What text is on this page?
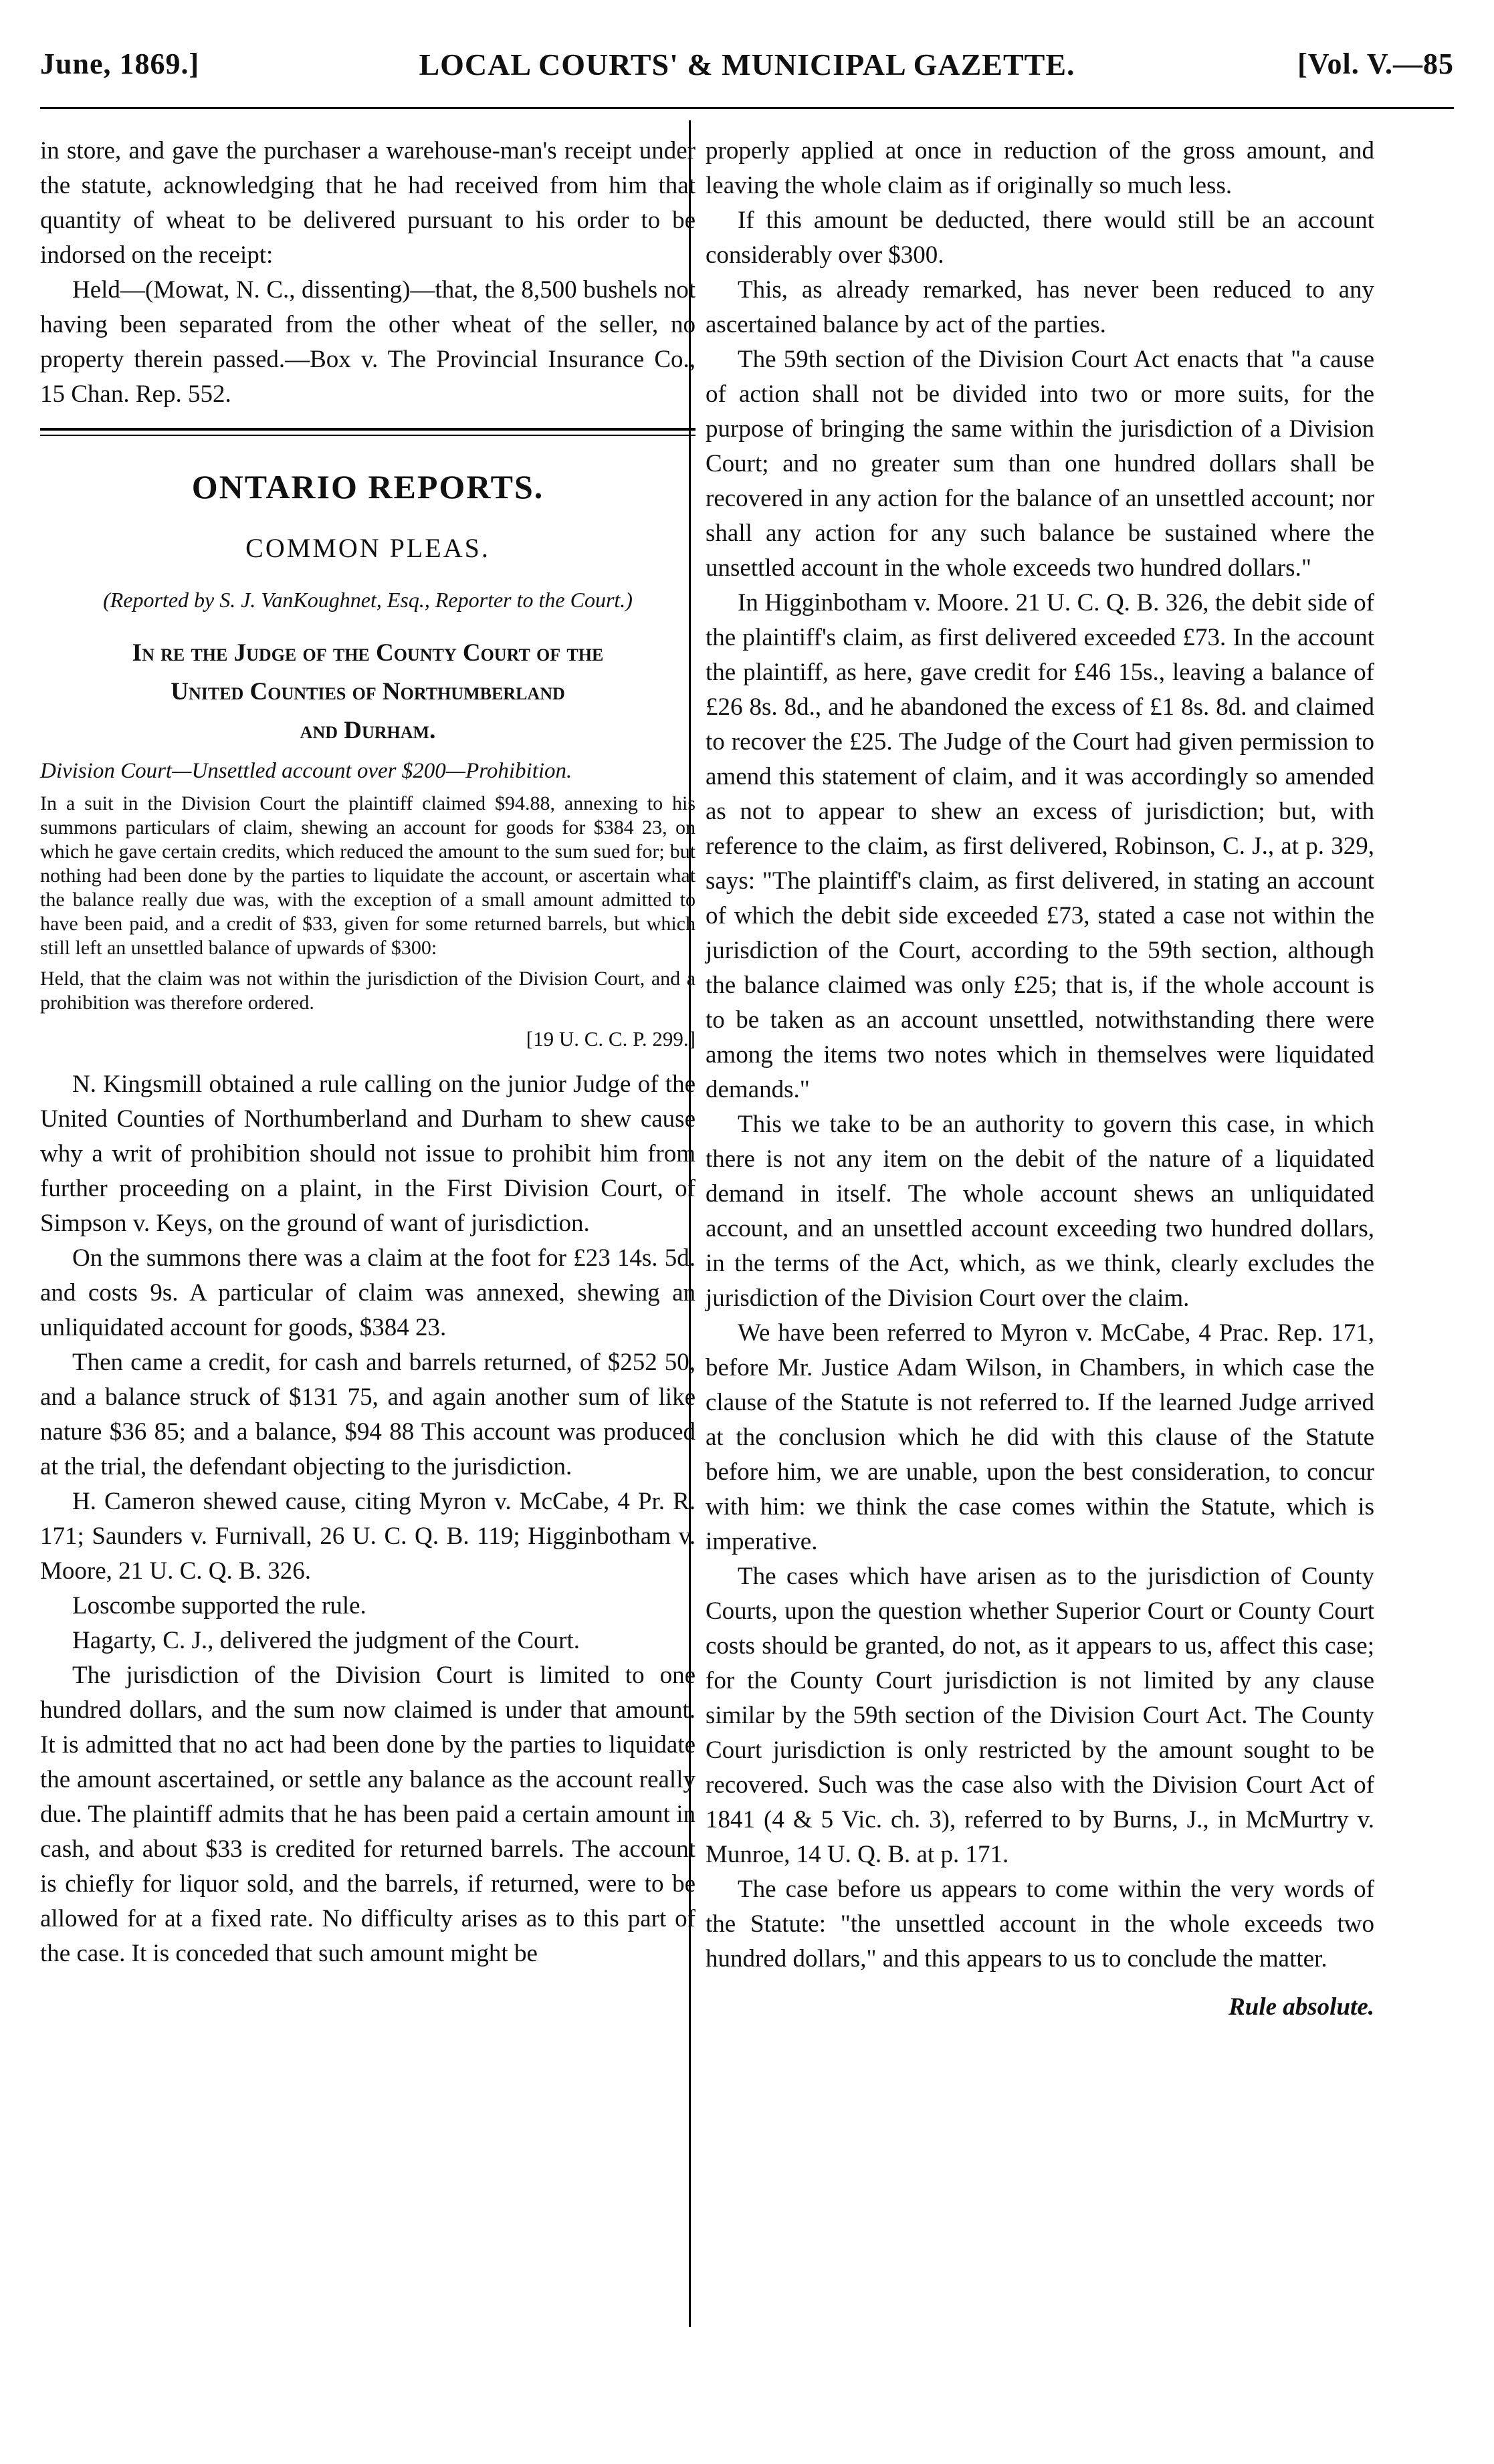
June, 1869.]	LOCAL COURTS' & MUNICIPAL GAZETTE.	[Vol. V.—85

in store, and gave the purchaser a warehouse-man's receipt under the statute, acknowledging that he had received from him that quantity of wheat to be delivered pursuant to his order to be indorsed on the receipt:

Held—(Mowat, N. C., dissenting)—that, the 8,500 bushels not having been separated from the other wheat of the seller, no property therein passed.—Box v. The Provincial Insurance Co., 15 Chan. Rep. 552.

ONTARIO REPORTS.
COMMON PLEAS.
(Reported by S. J. VanKoughnet, Esq., Reporter to the Court.)
In re the Judge of the County Court of the
United Counties of Northumberland
and Durham.

Division Court—Unsettled account over $200—Prohibition.

In a suit in the Division Court the plaintiff claimed $94.88, annexing to his summons particulars of claim, shewing an account for goods for $384 23, on which he gave certain credits, which reduced the amount to the sum sued for; but nothing had been done by the parties to liquidate the account, or ascertain what the balance really due was, with the exception of a small amount admitted to have been paid, and a credit of $33, given for some returned barrels, but which still left an unsettled balance of upwards of $300:

Held, that the claim was not within the jurisdiction of the Division Court, and a prohibition was therefore ordered.

[19 U. C. C. P. 299.]

N. Kingsmill obtained a rule calling on the junior Judge of the United Counties of Northumberland and Durham to shew cause why a writ of prohibition should not issue to prohibit him from further proceeding on a plaint, in the First Division Court, of Simpson v. Keys, on the ground of want of jurisdiction.

On the summons there was a claim at the foot for £23 14s. 5d. and costs 9s. A particular of claim was annexed, shewing an unliquidated account for goods, $384 23.

Then came a credit, for cash and barrels returned, of $252 50, and a balance struck of $131 75, and again another sum of like nature $36 85; and a balance, $94 88 This account was produced at the trial, the defendant objecting to the jurisdiction.

H. Cameron shewed cause, citing Myron v. McCabe, 4 Pr. R. 171; Saunders v. Furnivall, 26 U. C. Q. B. 119; Higginbotham v. Moore, 21 U. C. Q. B. 326.

Loscombe supported the rule.

Hagarty, C. J., delivered the judgment of the Court.

The jurisdiction of the Division Court is limited to one hundred dollars, and the sum now claimed is under that amount. It is admitted that no act had been done by the parties to liquidate the amount ascertained, or settle any balance as the account really due. The plaintiff admits that he has been paid a certain amount in cash, and about $33 is credited for returned barrels. The account is chiefly for liquor sold, and the barrels, if returned, were to be allowed for at a fixed rate. No difficulty arises as to this part of the case. It is conceded that such amount might be

properly applied at once in reduction of the gross amount, and leaving the whole claim as if originally so much less.

If this amount be deducted, there would still be an account considerably over $300.

This, as already remarked, has never been reduced to any ascertained balance by act of the parties.

The 59th section of the Division Court Act enacts that "a cause of action shall not be divided into two or more suits, for the purpose of bringing the same within the jurisdiction of a Division Court; and no greater sum than one hundred dollars shall be recovered in any action for the balance of an unsettled account; nor shall any action for any such balance be sustained where the unsettled account in the whole exceeds two hundred dollars."

In Higginbotham v. Moore. 21 U. C. Q. B. 326, the debit side of the plaintiff's claim, as first delivered exceeded £73. In the account the plaintiff, as here, gave credit for £46 15s., leaving a balance of £26 8s. 8d., and he abandoned the excess of £1 8s. 8d. and claimed to recover the £25. The Judge of the Court had given permission to amend this statement of claim, and it was accordingly so amended as not to appear to shew an excess of jurisdiction; but, with reference to the claim, as first delivered, Robinson, C. J., at p. 329, says: "The plaintiff's claim, as first delivered, in stating an account of which the debit side exceeded £73, stated a case not within the jurisdiction of the Court, according to the 59th section, although the balance claimed was only £25; that is, if the whole account is to be taken as an account unsettled, notwithstanding there were among the items two notes which in themselves were liquidated demands."

This we take to be an authority to govern this case, in which there is not any item on the debit of the nature of a liquidated demand in itself. The whole account shews an unliquidated account, and an unsettled account exceeding two hundred dollars, in the terms of the Act, which, as we think, clearly excludes the jurisdiction of the Division Court over the claim.

We have been referred to Myron v. McCabe, 4 Prac. Rep. 171, before Mr. Justice Adam Wilson, in Chambers, in which case the clause of the Statute is not referred to. If the learned Judge arrived at the conclusion which he did with this clause of the Statute before him, we are unable, upon the best consideration, to concur with him: we think the case comes within the Statute, which is imperative.

The cases which have arisen as to the jurisdiction of County Courts, upon the question whether Superior Court or County Court costs should be granted, do not, as it appears to us, affect this case; for the County Court jurisdiction is not limited by any clause similar by the 59th section of the Division Court Act. The County Court jurisdiction is only restricted by the amount sought to be recovered. Such was the case also with the Division Court Act of 1841 (4 & 5 Vic. ch. 3), referred to by Burns, J., in McMurtry v. Munroe, 14 U. Q. B. at p. 171.

The case before us appears to come within the very words of the Statute: "the unsettled account in the whole exceeds two hundred dollars," and this appears to us to conclude the matter.

Rule absolute.
